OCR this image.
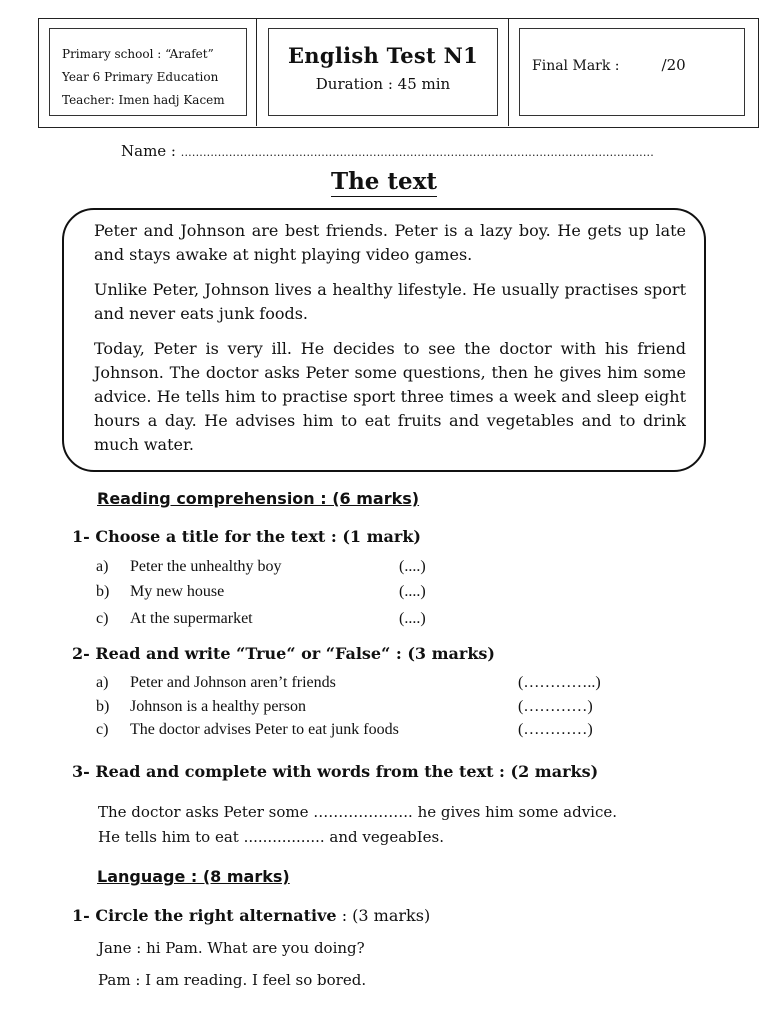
Primary school : “Arafet”

Year 6 Primary Education

Teacher: Imen hadj Kacem

English Test N1

Duration : 45 min

Final Mark :	/20
Name : ................................................................................................................................
The text

Peter and Johnson are best friends. Peter is a lazy boy. He gets up late and stays awake at night playing video games.

Unlike Peter, Johnson lives a healthy lifestyle. He usually practises sport and never eats junk foods.

Today, Peter is very ill. He decides to see the doctor with his friend Johnson. The doctor asks Peter some questions, then he gives him some advice. He tells him to practise sport three times a week and sleep eight hours a day. He advises him to eat fruits and vegetables and to drink much water.

Reading comprehension : (6 marks)
1- Choose a title for the text : (1 mark)
a) Peter the unhealthy boy	(....)
b) My new house	(....)
c) At the supermarket	(....)
2- Read and write “True“ or “False“ : (3 marks)
a) Peter and Johnson aren’t friends	(…………..)
b) Johnson is a healthy person	(…………)
c) The doctor advises Peter to eat junk foods	(…………)
3- Read and complete with words from the text : (2 marks)
The doctor asks Peter some ……………….. he gives him some advice.
He tells him to eat ................. and vegeabIes.
Language : (8 marks)
1- Circle the right alternative : (3 marks)
Jane : hi Pam. What are you doing?
Pam : I am reading. I feel so bored.
